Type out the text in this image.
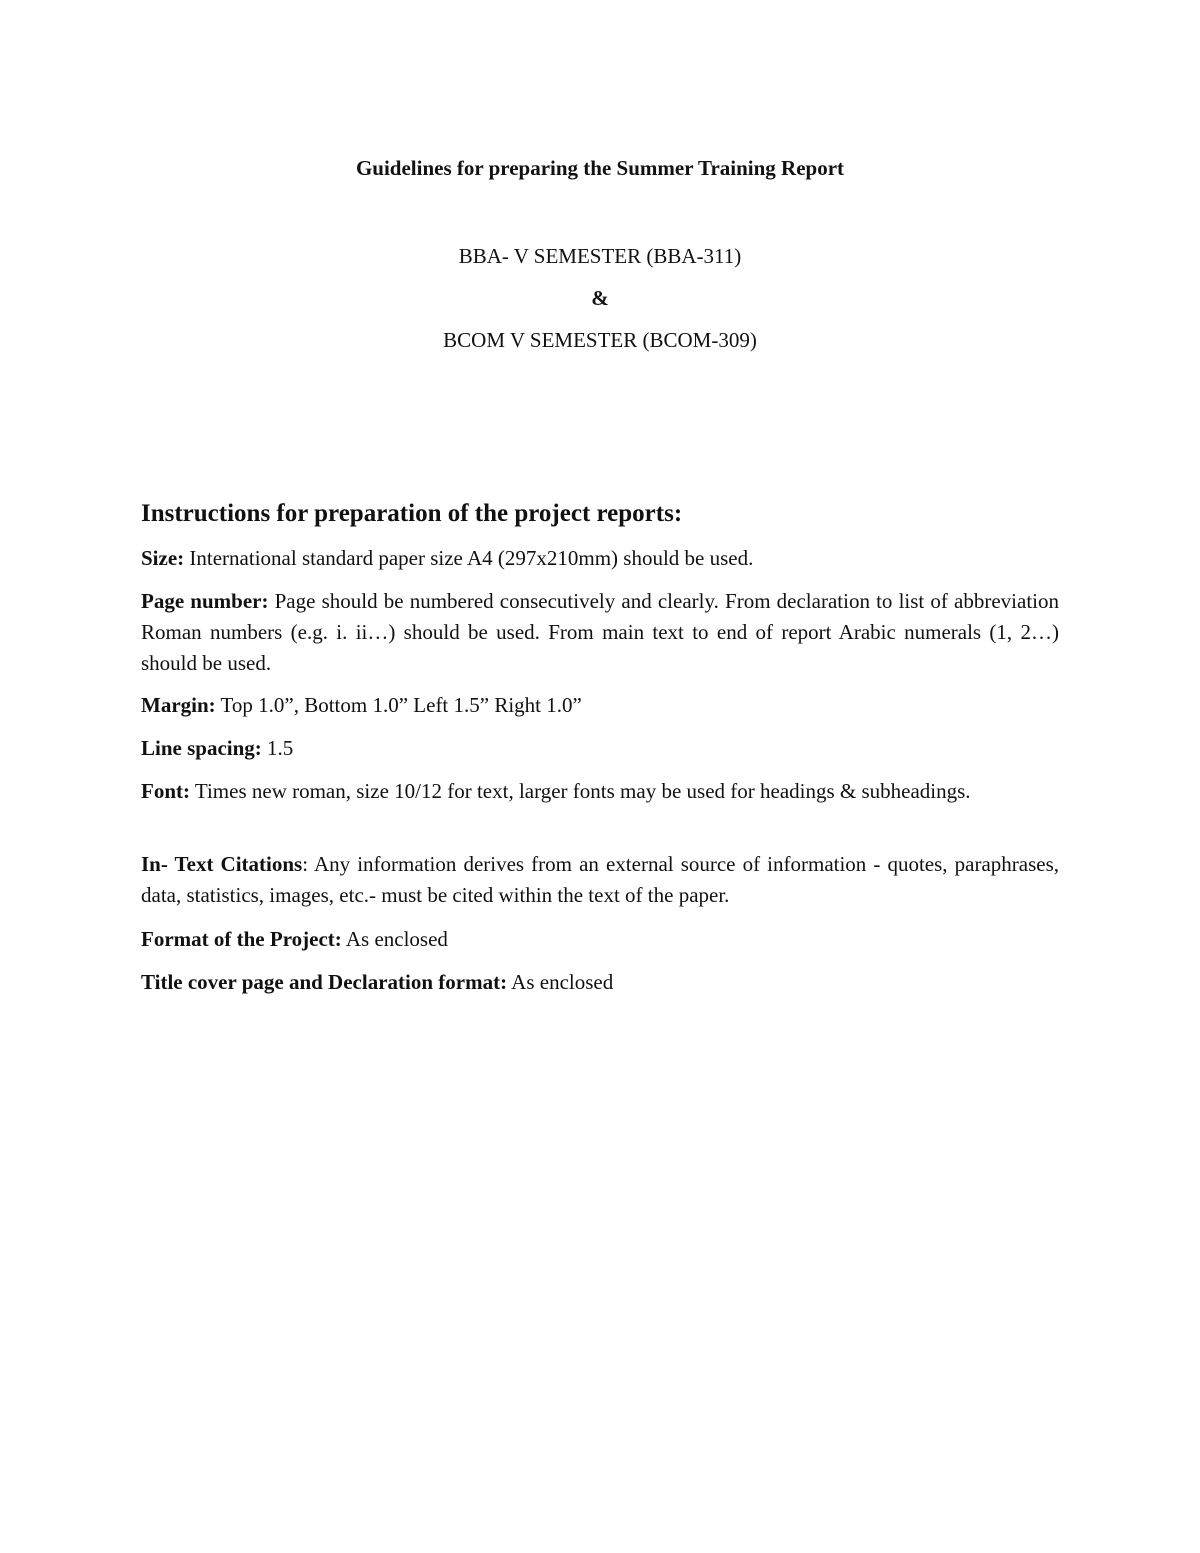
Guidelines for preparing the Summer Training Report
BBA- V SEMESTER (BBA-311)
&
BCOM V SEMESTER (BCOM-309)
Instructions for preparation of the project reports:
Size: International standard paper size A4 (297x210mm) should be used.
Page number: Page should be numbered consecutively and clearly. From declaration to list of abbreviation Roman numbers (e.g. i. ii…) should be used. From main text to end of report Arabic numerals (1, 2…) should be used.
Margin: Top 1.0”, Bottom 1.0” Left 1.5” Right 1.0”
Line spacing: 1.5
Font: Times new roman, size 10/12 for text, larger fonts may be used for headings & subheadings.
In- Text Citations: Any information derives from an external source of information - quotes, paraphrases, data, statistics, images, etc.- must be cited within the text of the paper.
Format of the Project: As enclosed
Title cover page and Declaration format: As enclosed
